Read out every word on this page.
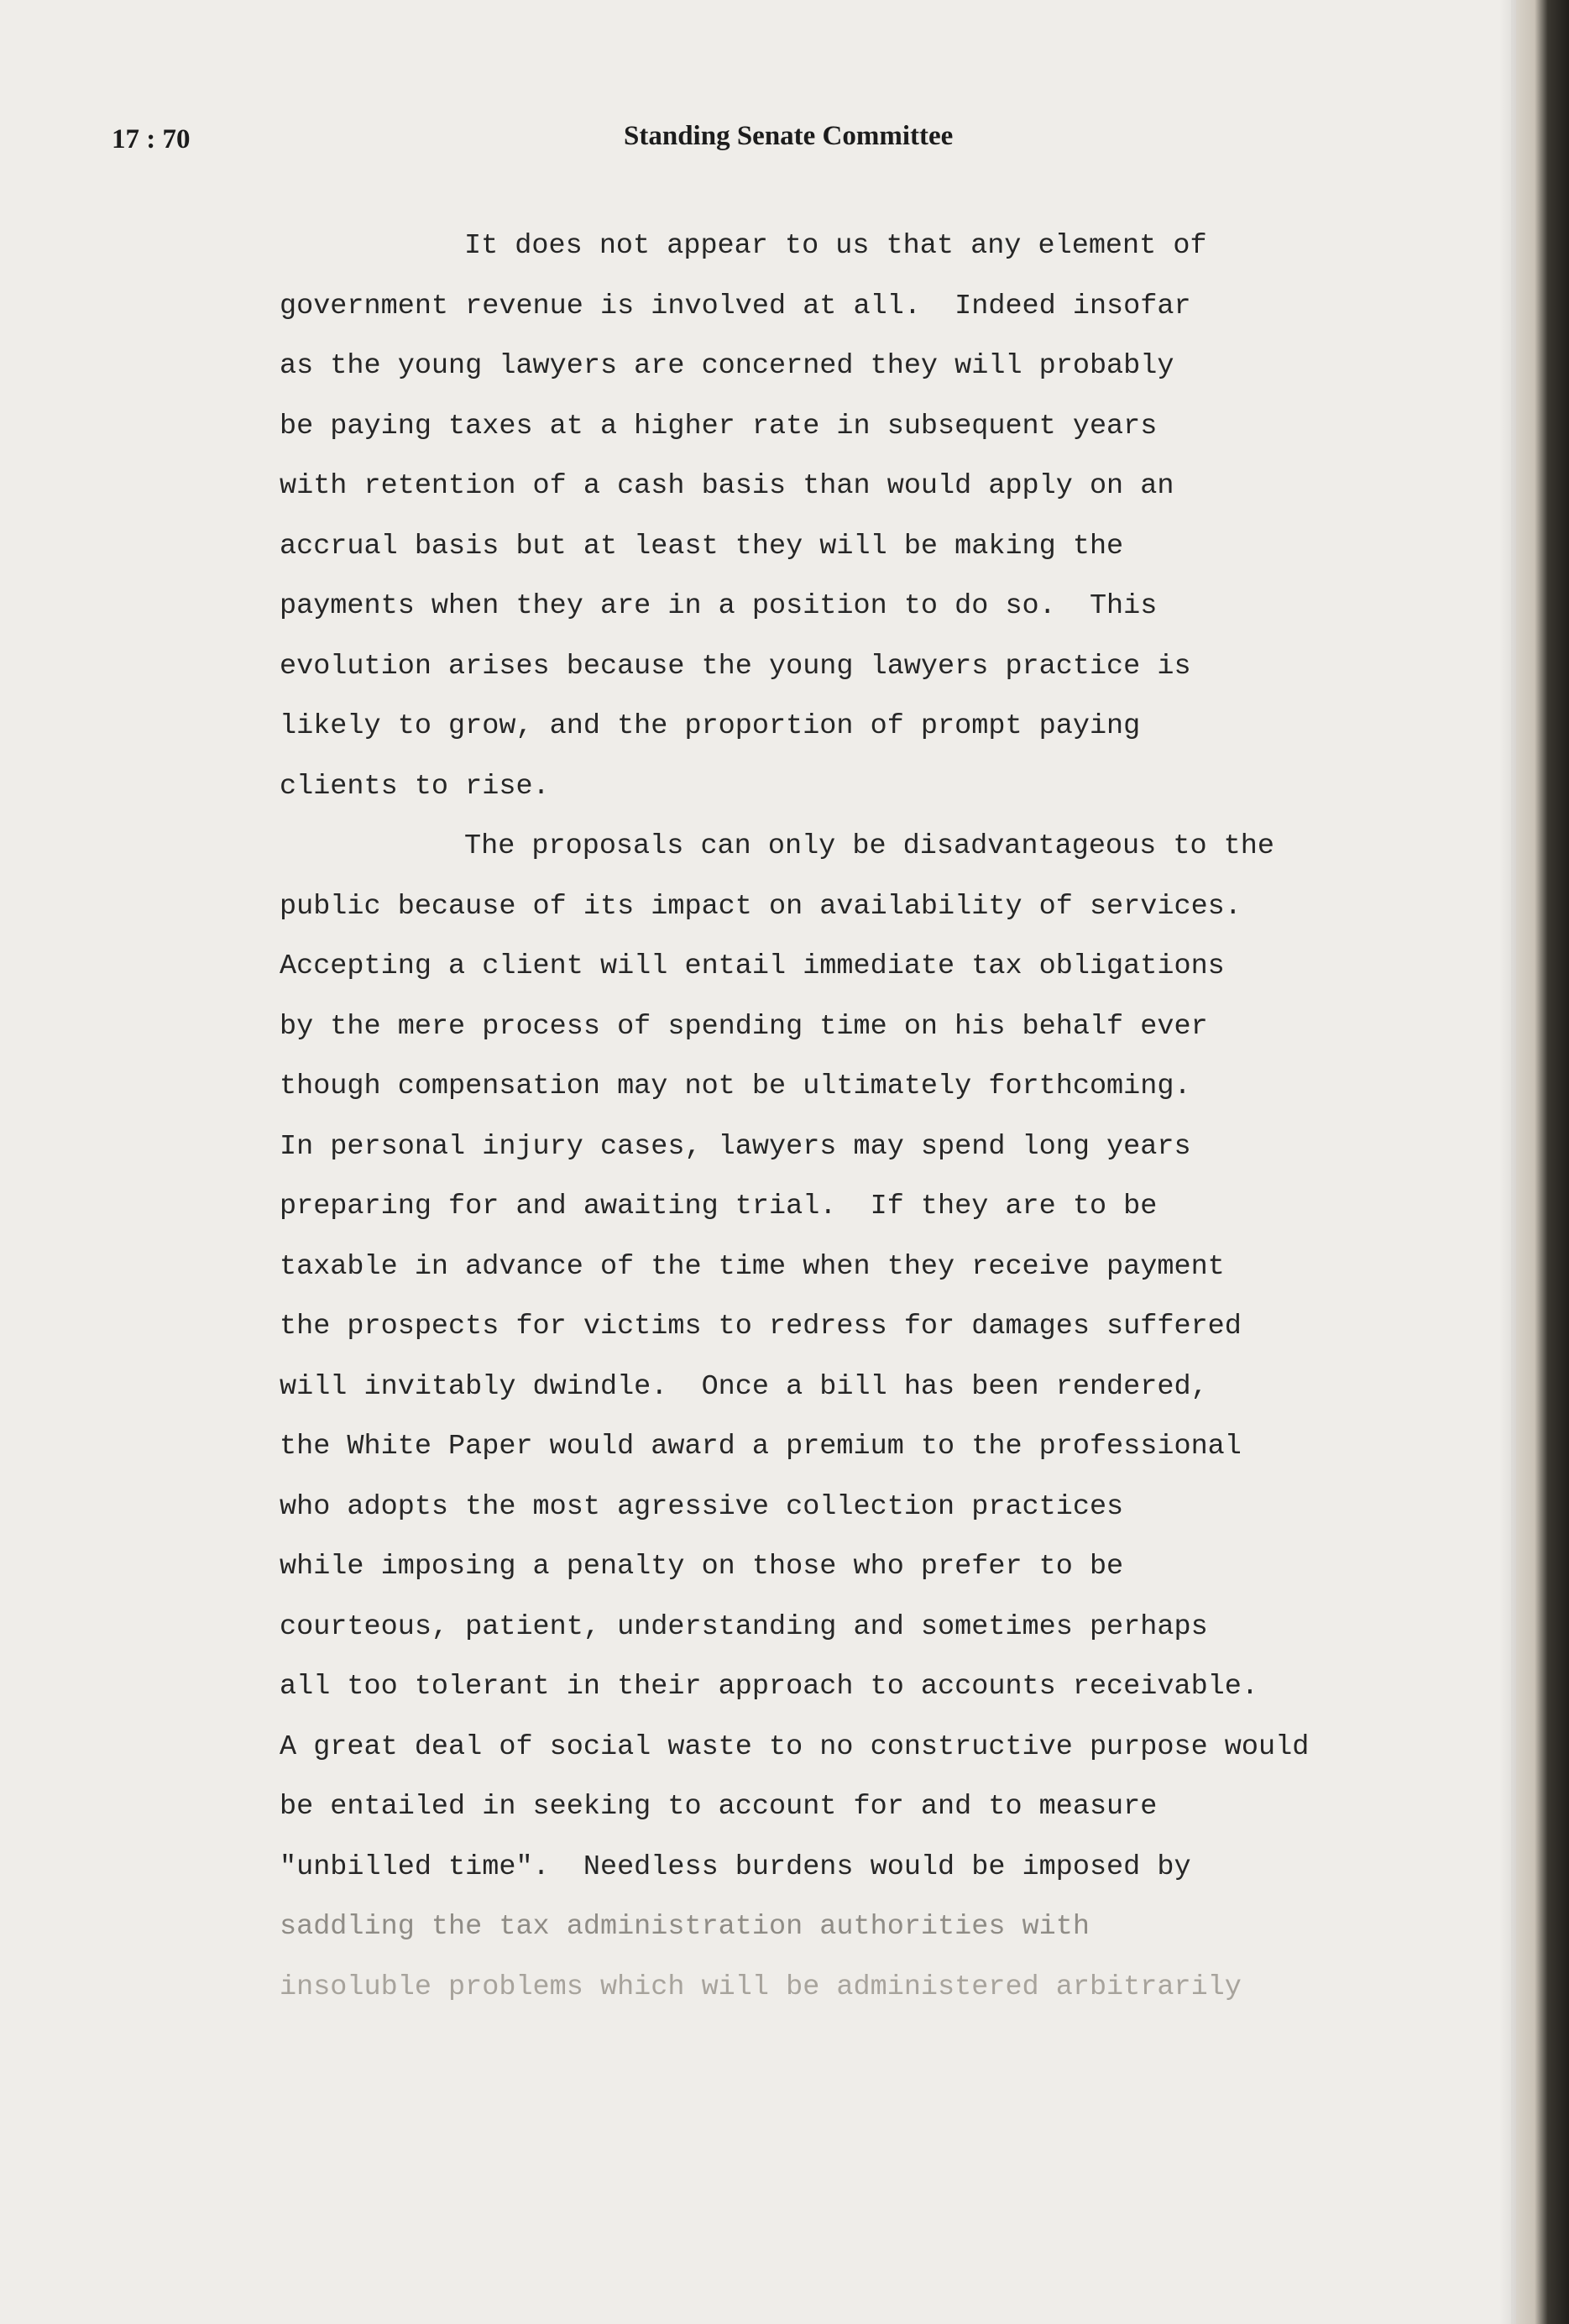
17 : 70	Standing Senate Committee
It does not appear to us that any element of
government revenue is involved at all.  Indeed insofar
as the young lawyers are concerned they will probably
be paying taxes at a higher rate in subsequent years
with retention of a cash basis than would apply on an
accrual basis but at least they will be making the
payments when they are in a position to do so.  This
evolution arises because the young lawyers practice is
likely to grow, and the proportion of prompt paying
clients to rise.
The proposals can only be disadvantageous to the
public because of its impact on availability of services.
Accepting a client will entail immediate tax obligations
by the mere process of spending time on his behalf ever
though compensation may not be ultimately forthcoming.
In personal injury cases, lawyers may spend long years
preparing for and awaiting trial.  If they are to be
taxable in advance of the time when they receive payment
the prospects for victims to redress for damages suffered
will invitably dwindle.  Once a bill has been rendered,
the White Paper would award a premium to the professional
who adopts the most agressive collection practices
while imposing a penalty on those who prefer to be
courteous, patient, understanding and sometimes perhaps
all too tolerant in their approach to accounts receivable.
A great deal of social waste to no constructive purpose would
be entailed in seeking to account for and to measure
"unbilled time".  Needless burdens would be imposed by
saddling the tax administration authorities with
insoluble problems which will be administered arbitrarily
